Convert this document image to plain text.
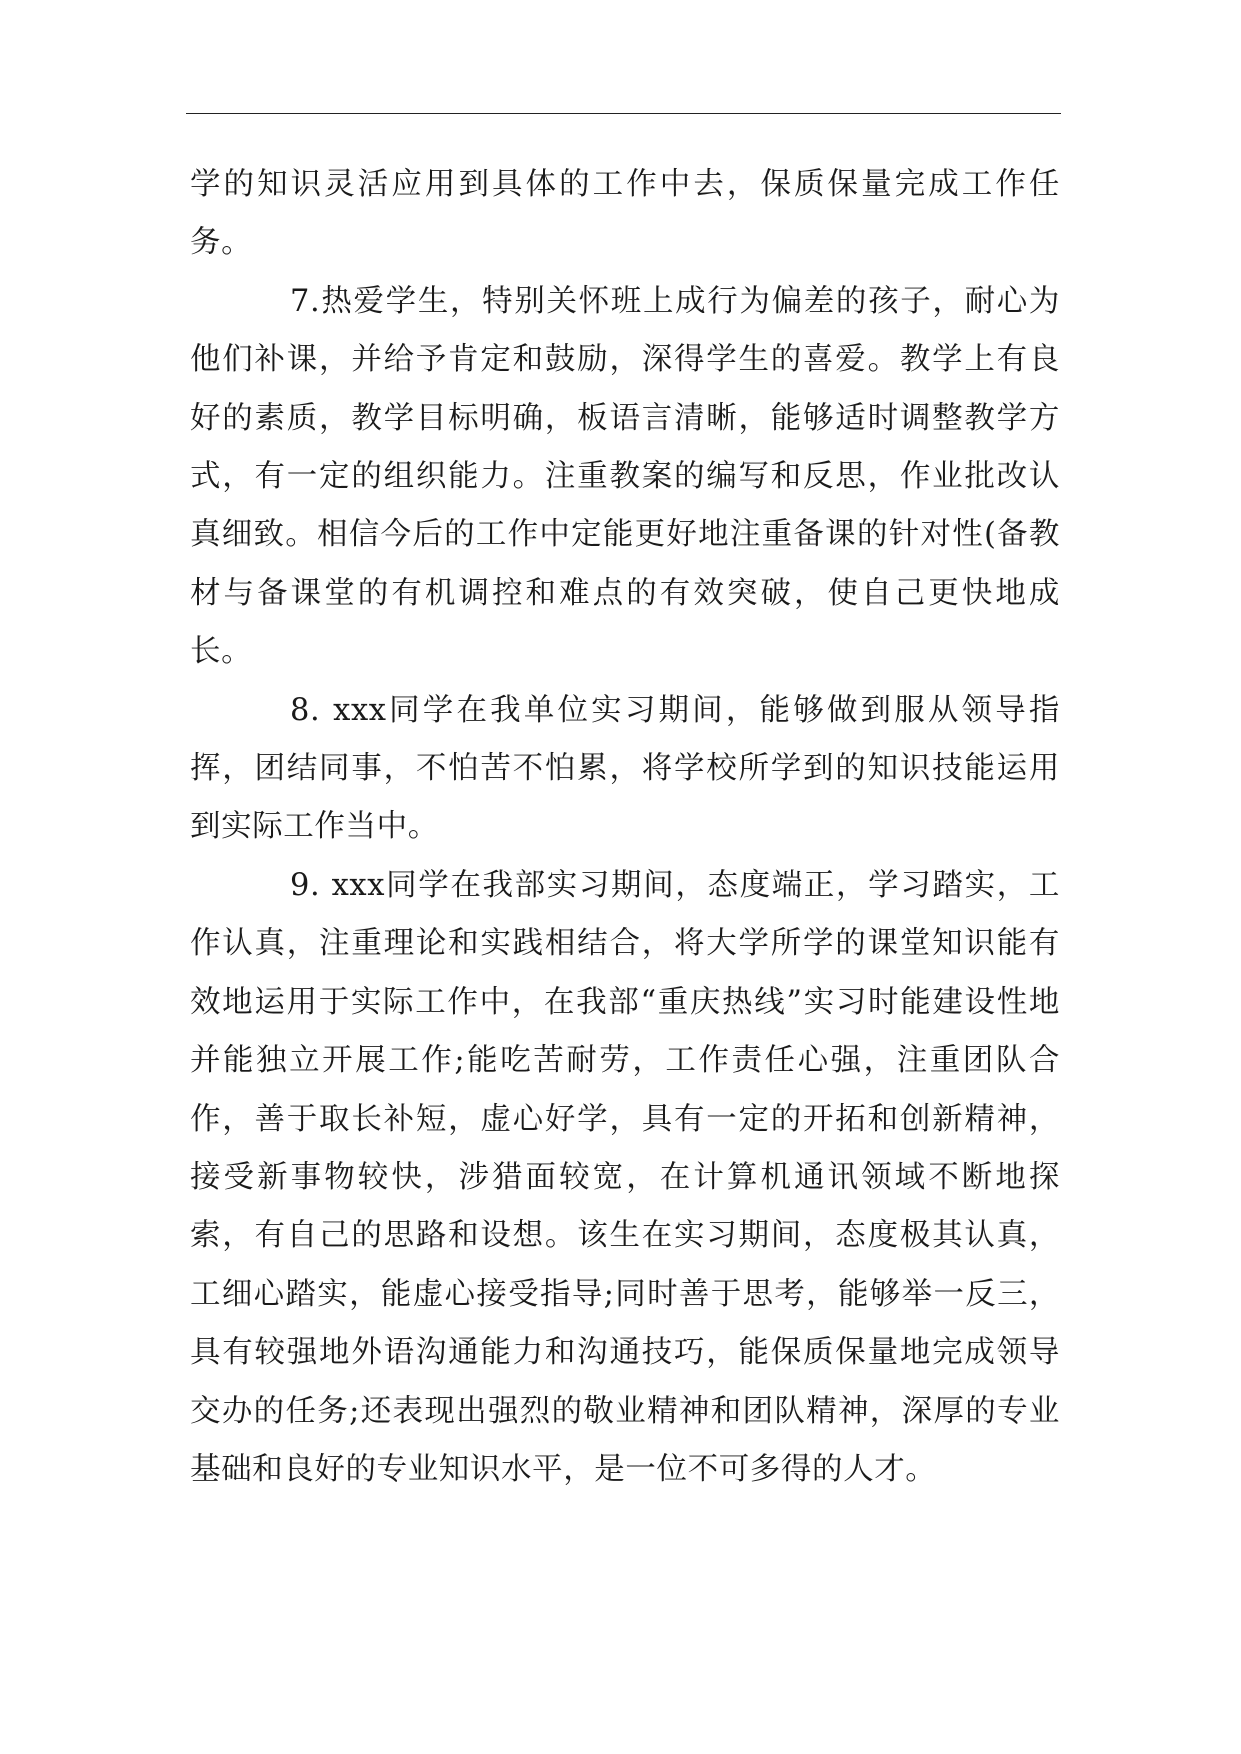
学的知识灵活应用到具体的工作中去，保质保量完成工作任务。

7.热爱学生，特别关怀班上成行为偏差的孩子，耐心为他们补课，并给予肯定和鼓励，深得学生的喜爱。教学上有良好的素质，教学目标明确，板语言清晰，能够适时调整教学方式，有一定的组织能力。注重教案的编写和反思，作业批改认真细致。相信今后的工作中定能更好地注重备课的针对性(备教材与备课堂的有机调控和难点的有效突破，使自己更快地成长。

8. xxx同学在我单位实习期间，能够做到服从领导指挥，团结同事，不怕苦不怕累，将学校所学到的知识技能运用到实际工作当中。

9. xxx同学在我部实习期间，态度端正，学习踏实，工作认真，注重理论和实践相结合，将大学所学的课堂知识能有效地运用于实际工作中，在我部“重庆热线”实习时能建设性地并能独立开展工作;能吃苦耐劳，工作责任心强，注重团队合作，善于取长补短，虚心好学，具有一定的开拓和创新精神，接受新事物较快，涉猎面较宽，在计算机通讯领域不断地探索，有自己的思路和设想。该生在实习期间，态度极其认真，工细心踏实，能虚心接受指导;同时善于思考，能够举一反三，具有较强地外语沟通能力和沟通技巧，能保质保量地完成领导交办的任务;还表现出强烈的敬业精神和团队精神，深厚的专业基础和良好的专业知识水平，是一位不可多得的人才。
